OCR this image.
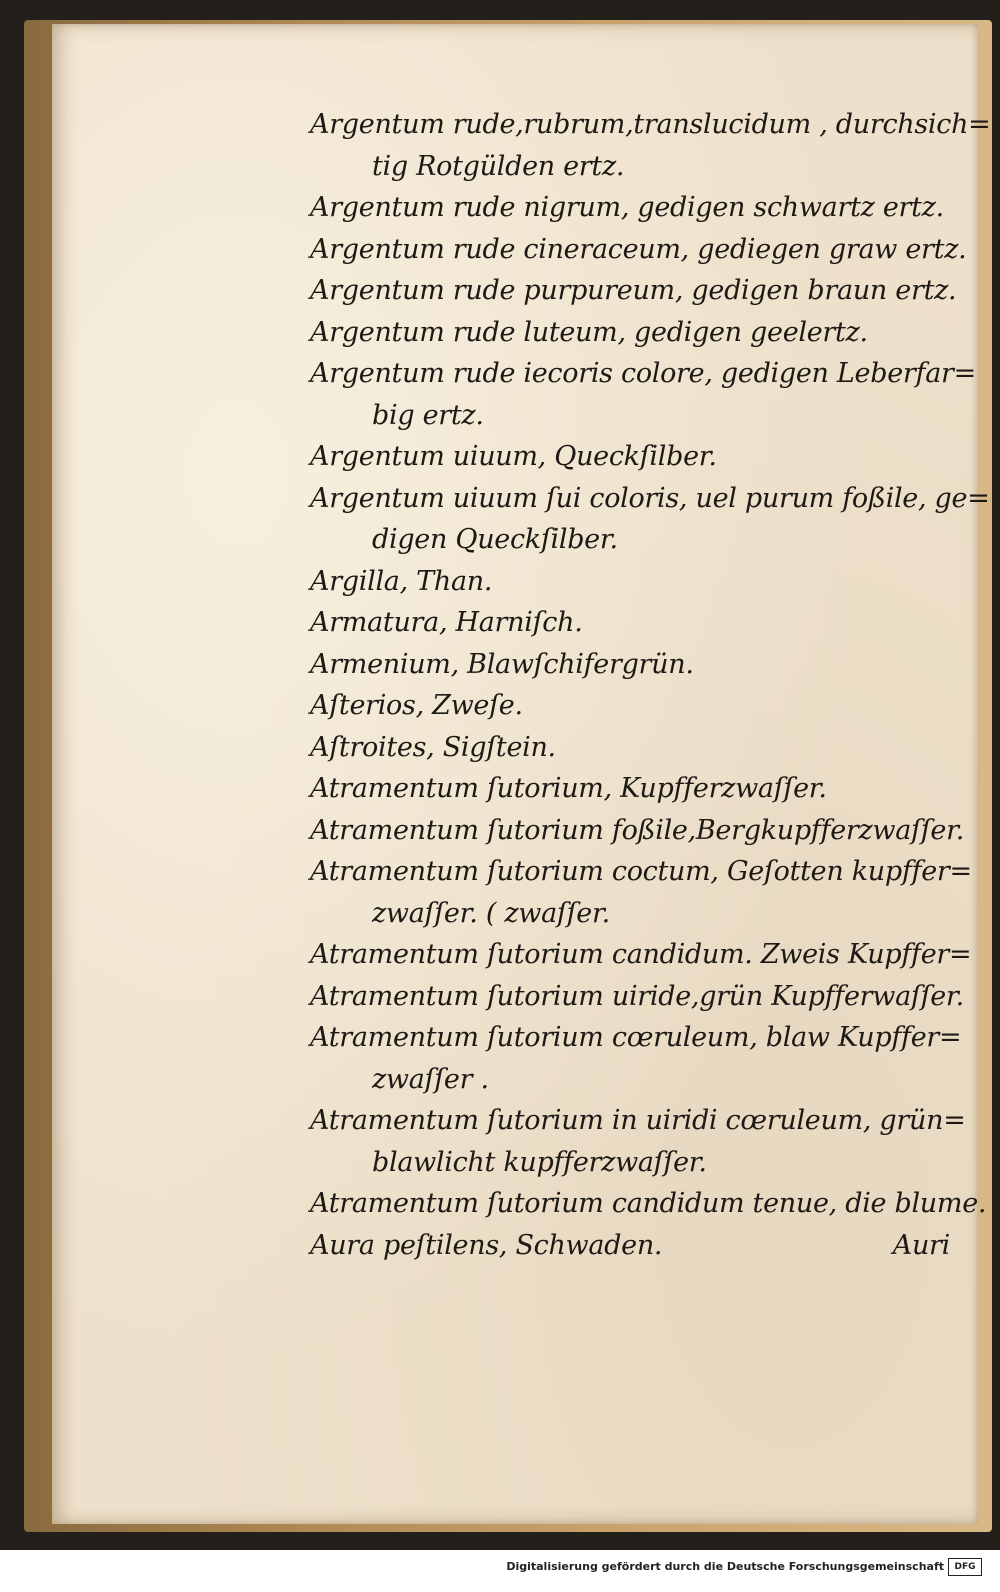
Argentum rude,rubrum,translucidum , durchsich=
tig Rotgülden ertz.
Argentum rude nigrum, gedigen schwartz ertz.
Argentum rude cineraceum, gediegen graw ertz.
Argentum rude purpureum, gedigen braun ertz.
Argentum rude luteum, gedigen geelertz.
Argentum rude iecoris colore, gedigen Leberfar=
big ertz.
Argentum uiuum, Queckſilber.
Argentum uiuum ſui coloris, uel purum foßile, ge=
digen Queckſilber.
Argilla, Than.
Armatura, Harniſch.
Armenium, Blawſchifergrün.
Aſterios, Zweſe.
Aſtroites, Sigſtein.
Atramentum ſutorium, Kupfferzwaſſer.
Atramentum ſutorium foßile,Bergkupfferzwaſſer.
Atramentum ſutorium coctum, Geſotten kupffer=
zwaſſer. ( zwaſſer.
Atramentum ſutorium candidum. Zweis Kupffer=
Atramentum ſutorium uiride,grün Kupfferwaſſer.
Atramentum ſutorium cœruleum, blaw Kupffer=
zwaſſer .
Atramentum ſutorium in uiridi cœruleum, grün=
blawlicht kupfferzwaſſer.
Atramentum ſutorium candidum tenue, die blume.
Aura peſtilens, Schwaden.	Auri
Digitalisierung gefördert durch die Deutsche Forschungsgemeinschaft	DFG
